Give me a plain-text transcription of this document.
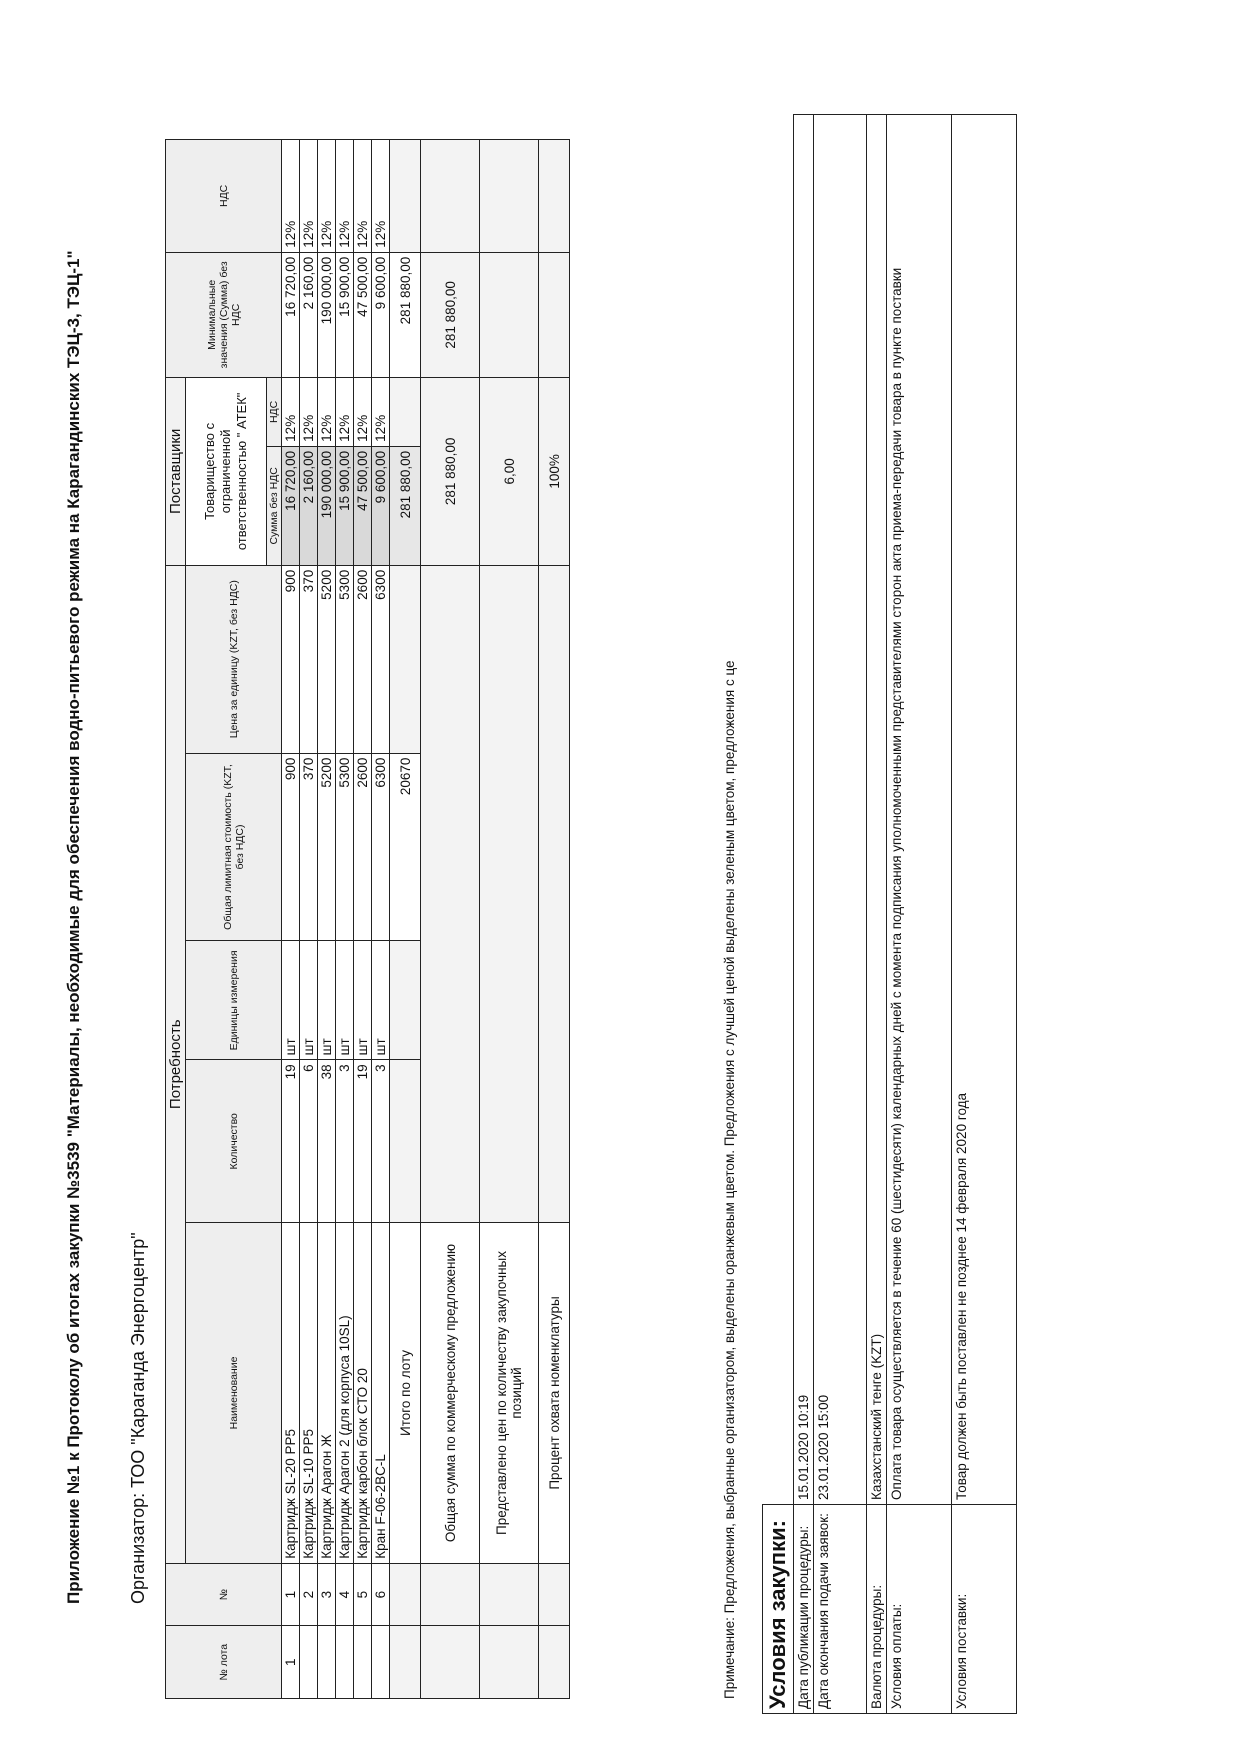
Приложение №1 к Протоколу об итогах закупки №3539 "Материалы, необходимые для обеспечения водно-питьевого режима на Карагандинских ТЭЦ-3, ТЭЦ-1"	Организатор: ТОО "Караганда Энергоцентр"
№ лота	№	Потребность					Поставщики		Минимальные значения (Сумма) без НДС	НДС
		Наименование	Количество	Единицы измерения	Общая лимитная стоимость (KZT, без НДС)	Цена за единицу (KZT, без НДС)	Товарищество с ограниченной ответственностью " АТЕК"			
							Сумма без НДС	НДС		
1	1	Картридж SL-20 PP5	19	шт	900	900	16 720,00	12%	16 720,00	12%
	2	Картридж SL-10 PP5	6	шт	370	370	2 160,00	12%	2 160,00	12%
	3	Картридж Арагон Ж	38	шт	5200	5200	190 000,00	12%	190 000,00	12%
	4	Картридж Арагон 2 (для корпуса 10SL)	3	шт	5300	5300	15 900,00	12%	15 900,00	12%
	5	Картридж карбон блок СТО 20	19	шт	2600	2600	47 500,00	12%	47 500,00	12%
	6	Кран F-06-2BC-L	3	шт	6300	6300	9 600,00	12%	9 600,00	12%
		Итого по лоту			20670		281 880,00		281 880,00	
		Общая сумма по коммерческому предложению					281 880,00		281 880,00	
		Представлено цен по количеству закупочных позиций					6,00			
		Процент охвата номенклатуры					100%			
Примечание: Предложения, выбранные организатором, выделены оранжевым цветом. Предложения с лучшей ценой выделены зеленым цветом, предложения с це Условия закупки:	
Дата публикации процедуры:	15.01.2020 10:19
Дата окончания подачи заявок:	23.01.2020 15:00
Валюта процедуры:	Казахстанский тенге (KZT)
Условия оплаты:	Оплата товара осуществляется в течение 60 (шестидесяти) календарных дней с момента подписания уполномоченными представителями сторон акта приема-передачи товара в пункте поставки
Условия поставки:	Товар должен быть поставлен не позднее 14 февраля 2020 года
